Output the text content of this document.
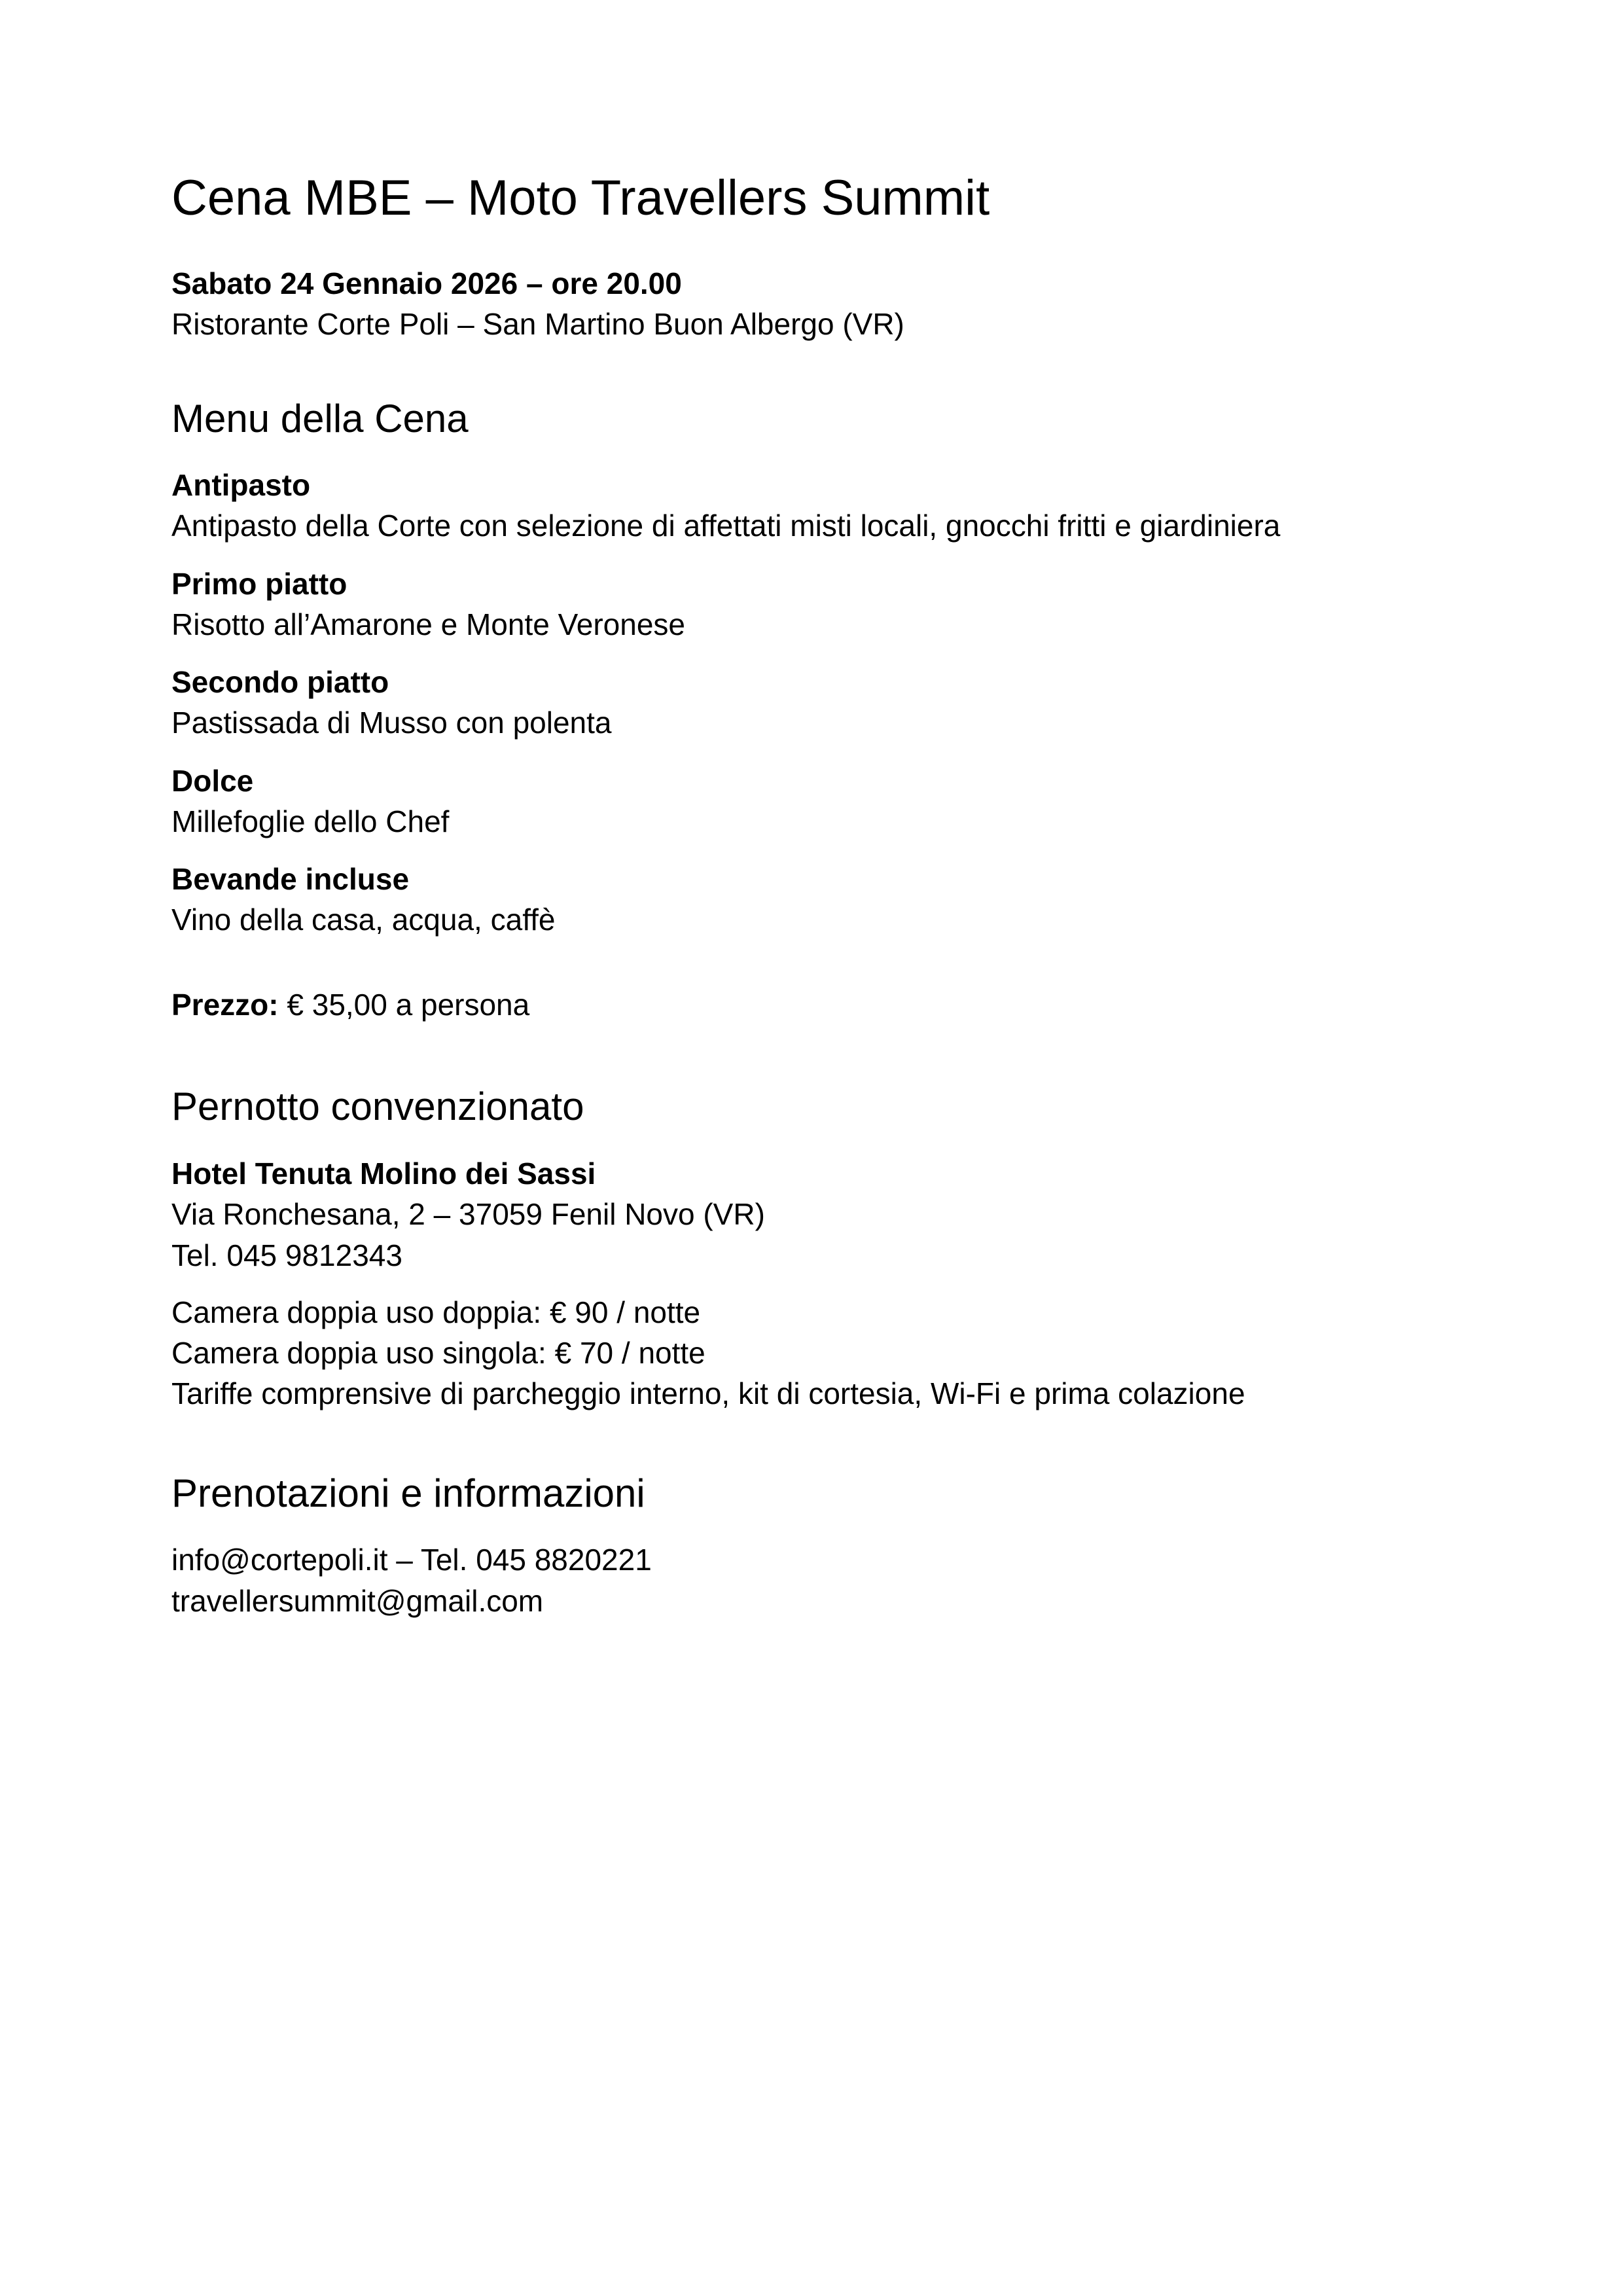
Cena MBE – Moto Travellers Summit
Sabato 24 Gennaio 2026 – ore 20.00
Ristorante Corte Poli – San Martino Buon Albergo (VR)
Menu della Cena
Antipasto
Antipasto della Corte con selezione di affettati misti locali, gnocchi fritti e giardiniera
Primo piatto
Risotto all’Amarone e Monte Veronese
Secondo piatto
Pastissada di Musso con polenta
Dolce
Millefoglie dello Chef
Bevande incluse
Vino della casa, acqua, caffè
Prezzo: € 35,00 a persona
Pernotto convenzionato
Hotel Tenuta Molino dei Sassi
Via Ronchesana, 2 – 37059 Fenil Novo (VR)
Tel. 045 9812343
Camera doppia uso doppia: € 90 / notte
Camera doppia uso singola: € 70 / notte
Tariffe comprensive di parcheggio interno, kit di cortesia, Wi-Fi e prima colazione
Prenotazioni e informazioni
info@cortepoli.it – Tel. 045 8820221
travellersummit@gmail.com
